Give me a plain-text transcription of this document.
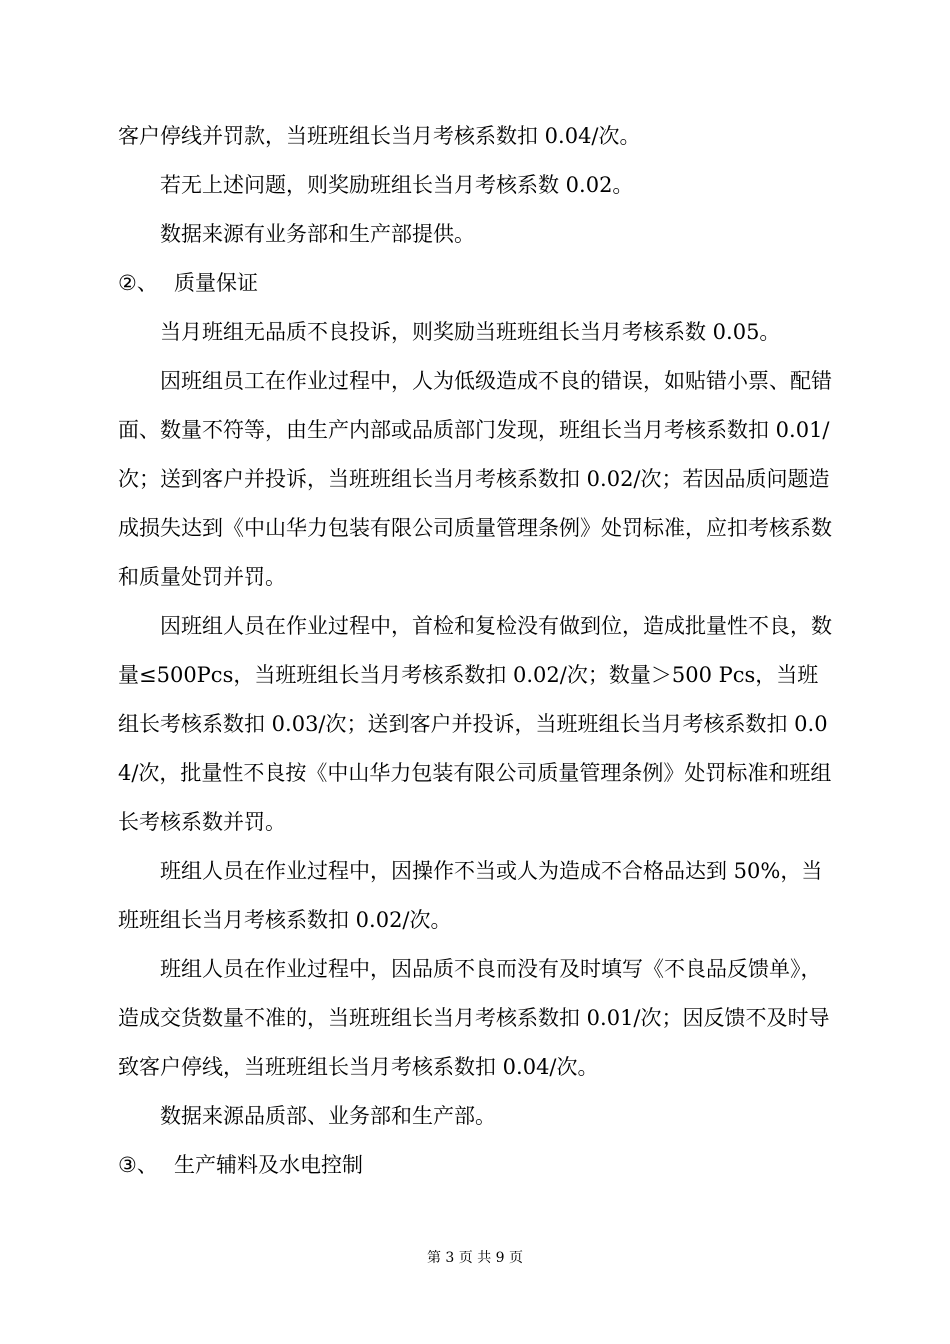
客户停线并罚款，当班班组长当月考核系数扣 0.04/次。

若无上述问题，则奖励班组长当月考核系数 0.02。

数据来源有业务部和生产部提供。

②、 质量保证

当月班组无品质不良投诉，则奖励当班班组长当月考核系数 0.05。

因班组员工在作业过程中，人为低级造成不良的错误，如贴错小票、配错面、数量不符等，由生产内部或品质部门发现，班组长当月考核系数扣 0.01/次；送到客户并投诉，当班班组长当月考核系数扣 0.02/次；若因品质问题造成损失达到《中山华力包装有限公司质量管理条例》处罚标准，应扣考核系数和质量处罚并罚。

因班组人员在作业过程中，首检和复检没有做到位，造成批量性不良，数量≤500Pcs，当班班组长当月考核系数扣 0.02/次；数量＞500 Pcs，当班组长考核系数扣 0.03/次；送到客户并投诉，当班班组长当月考核系数扣 0.04/次，批量性不良按《中山华力包装有限公司质量管理条例》处罚标准和班组长考核系数并罚。

班组人员在作业过程中，因操作不当或人为造成不合格品达到 50%，当班班组长当月考核系数扣 0.02/次。

班组人员在作业过程中，因品质不良而没有及时填写《不良品反馈单》，造成交货数量不准的，当班班组长当月考核系数扣 0.01/次；因反馈不及时导致客户停线，当班班组长当月考核系数扣 0.04/次。

数据来源品质部、业务部和生产部。

③、 生产辅料及水电控制
第 3 页 共 9 页
